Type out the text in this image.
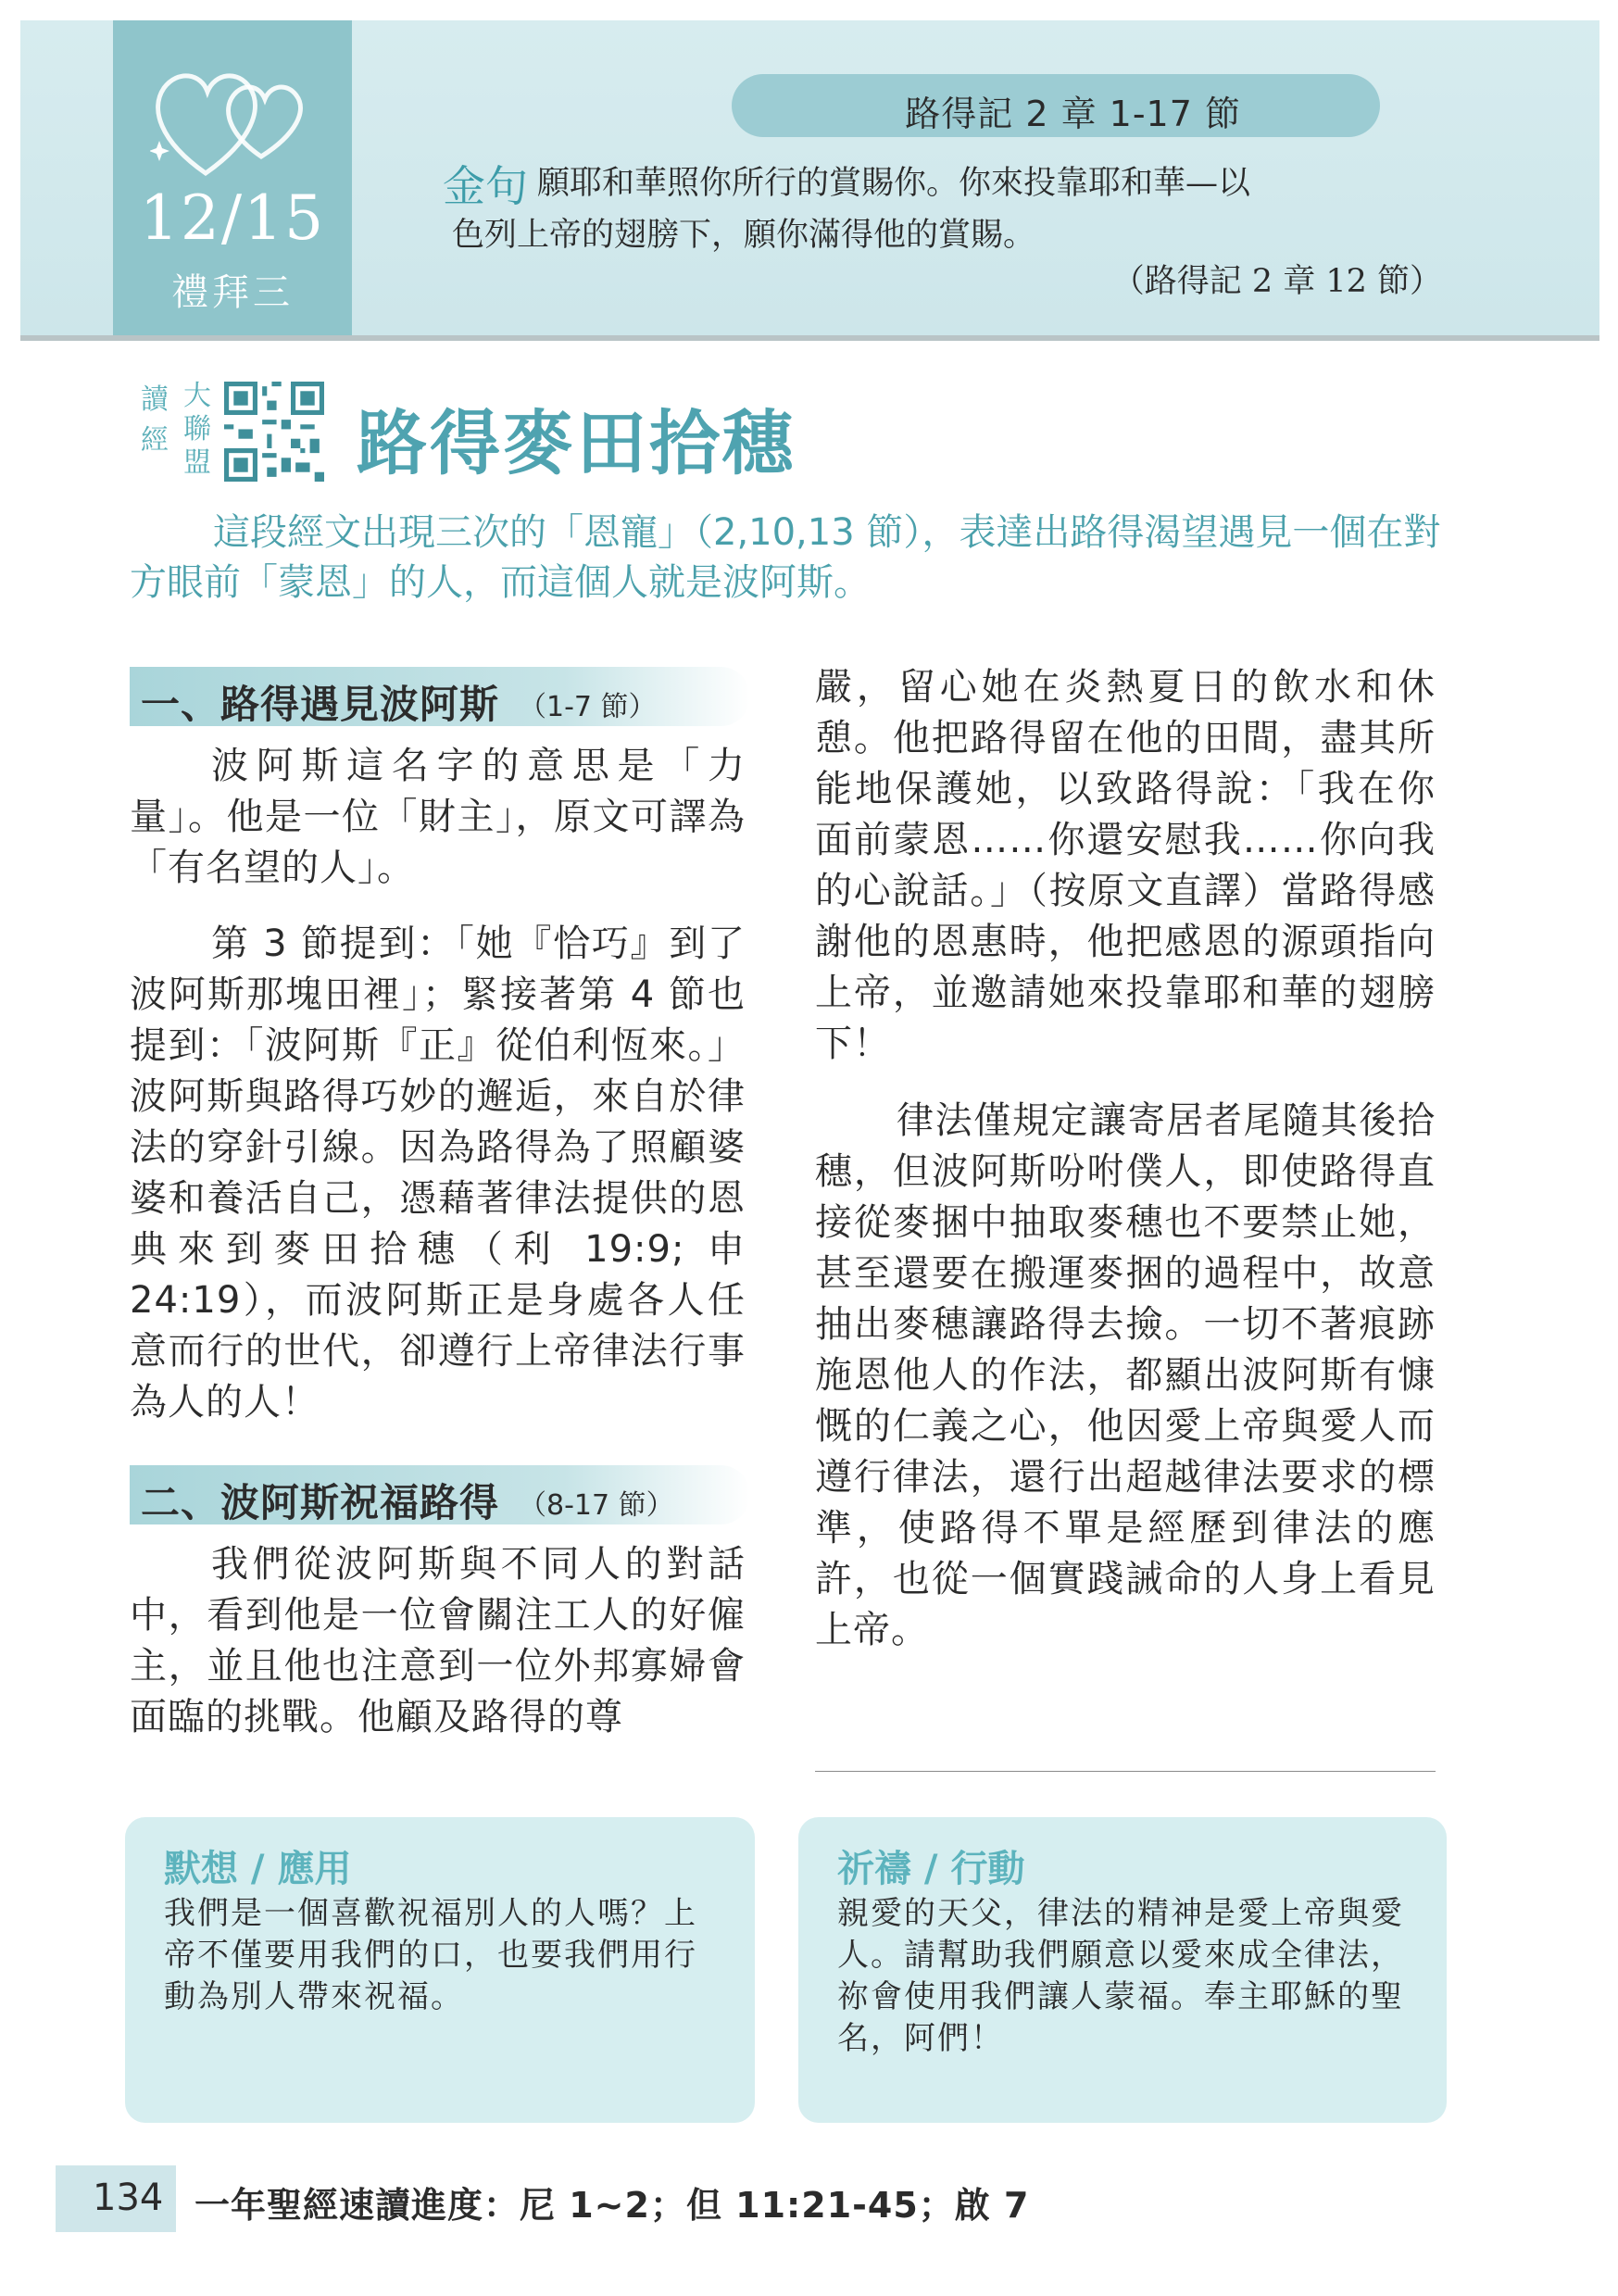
12/15
禮拜三
路得記 2 章 1-17 節
金句 願耶和華照你所行的賞賜你。你來投靠耶和華—以
色列上帝的翅膀下，願你滿得他的賞賜。
（路得記 2 章 12 節）
讀經
大聯盟 路得麥田拾穗
這段經文出現三次的「恩寵」（2,10,13 節），表達出路得渴望遇見一個在對方眼前「蒙恩」的人，而這個人就是波阿斯。
一、路得遇見波阿斯 （1-7 節）
波阿斯這名字的意思是「力量」。他是一位「財主」，原文可譯為「有名望的人」。
第 3 節提到：「她『恰巧』到了波阿斯那塊田裡」；緊接著第 4 節也提到：「波阿斯『正』從伯利恆來。」波阿斯與路得巧妙的邂逅，來自於律法的穿針引線。因為路得為了照顧婆婆和養活自己，憑藉著律法提供的恩典來到麥田拾穗（利 19:9; 申 24:19），而波阿斯正是身處各人任意而行的世代，卻遵行上帝律法行事為人的人！
二、波阿斯祝福路得 （8-17 節）
我們從波阿斯與不同人的對話中，看到他是一位會關注工人的好僱主，並且他也注意到一位外邦寡婦會面臨的挑戰。他顧及路得的尊
嚴，留心她在炎熱夏日的飲水和休憩。他把路得留在他的田間，盡其所能地保護她，以致路得說：「我在你面前蒙恩……你還安慰我……你向我的心說話。」（按原文直譯）當路得感謝他的恩惠時，他把感恩的源頭指向上帝，並邀請她來投靠耶和華的翅膀下！
律法僅規定讓寄居者尾隨其後拾穗，但波阿斯吩咐僕人，即使路得直接從麥捆中抽取麥穗也不要禁止她，甚至還要在搬運麥捆的過程中，故意抽出麥穗讓路得去撿。一切不著痕跡施恩他人的作法，都顯出波阿斯有慷慨的仁義之心，他因愛上帝與愛人而遵行律法，還行出超越律法要求的標準，使路得不單是經歷到律法的應許，也從一個實踐誡命的人身上看見上帝。
默想 / 應用
我們是一個喜歡祝福別人的人嗎？上帝不僅要用我們的口，也要我們用行動為別人帶來祝福。
祈禱 / 行動
親愛的天父，律法的精神是愛上帝與愛人。請幫助我們願意以愛來成全律法，祢會使用我們讓人蒙福。奉主耶穌的聖名，阿們！
134 一年聖經速讀進度：尼 1~2；但 11:21-45；啟 7
